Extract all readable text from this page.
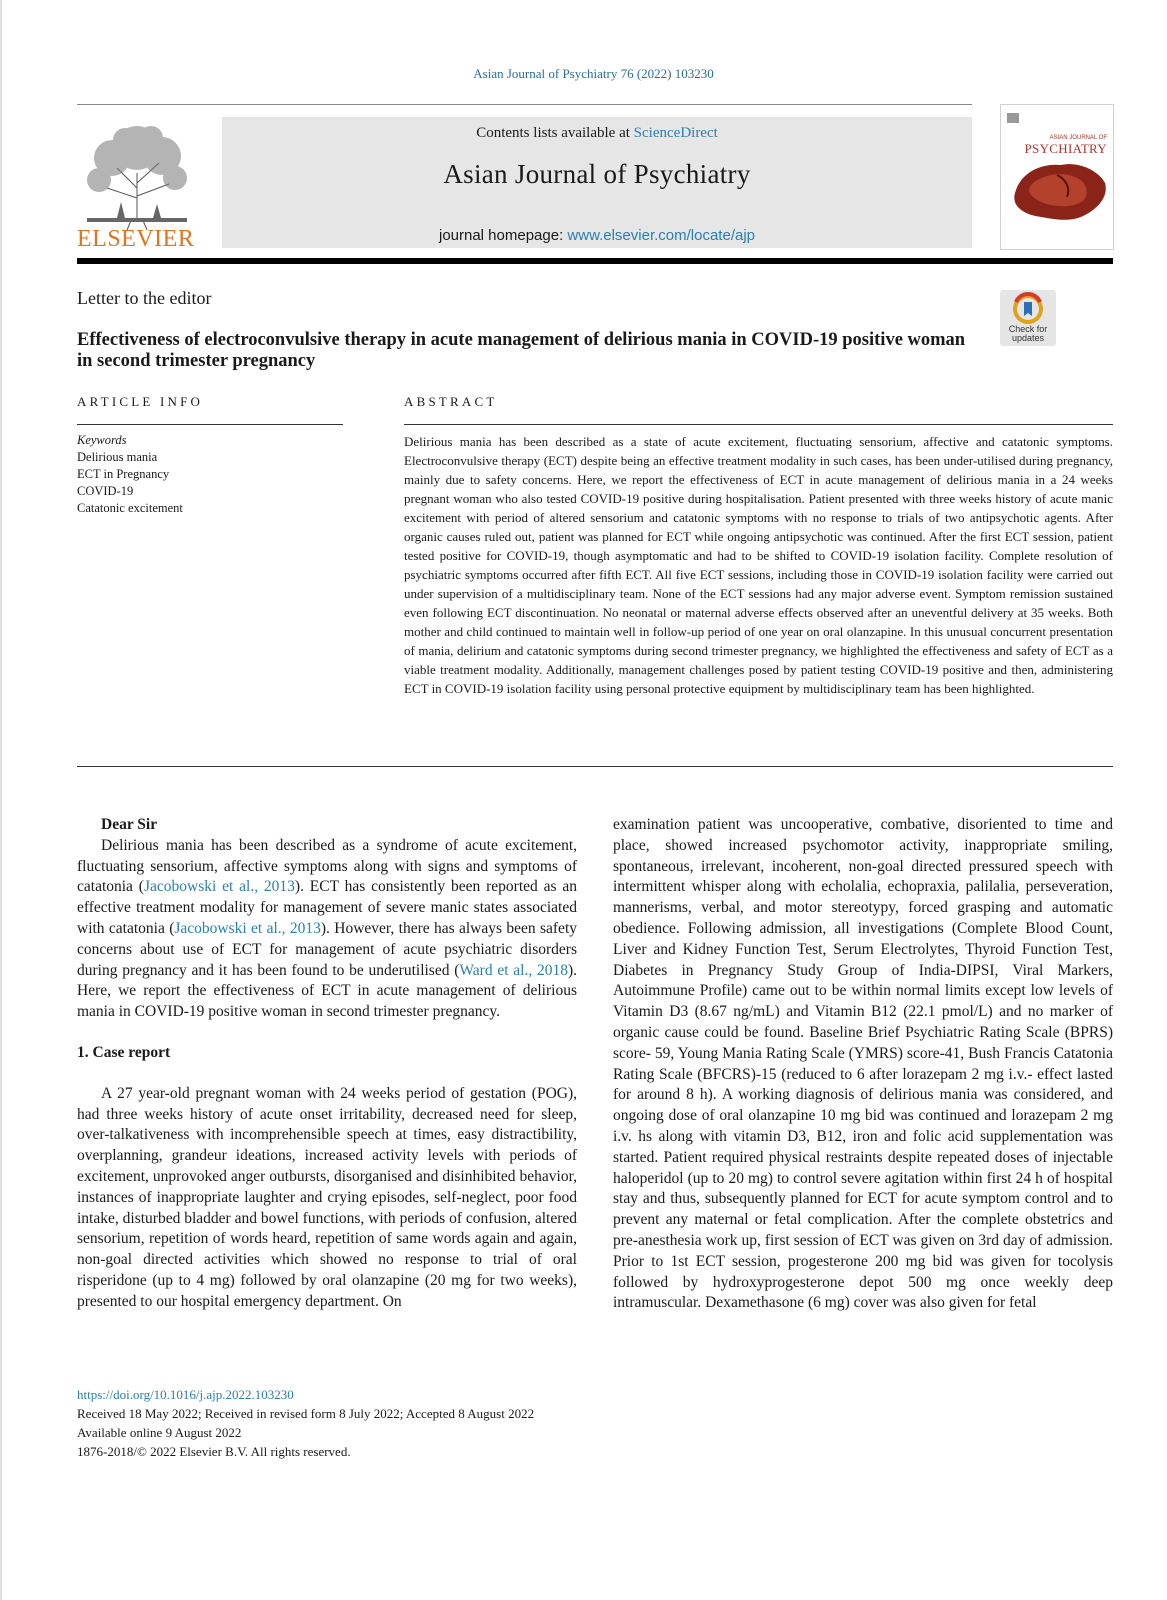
Asian Journal of Psychiatry 76 (2022) 103230
ELSEVIER
Contents lists available at ScienceDirect
Asian Journal of Psychiatry
journal homepage: www.elsevier.com/locate/ajp
ASIAN JOURNAL OF
PSYCHIATRY
Letter to the editor
Check for updates
Effectiveness of electroconvulsive therapy in acute management of delirious mania in COVID-19 positive woman in second trimester pregnancy
ARTICLE INFO	ABSTRACT
Keywords
Delirious mania
ECT in Pregnancy
COVID-19
Catatonic excitement
Delirious mania has been described as a state of acute excitement, fluctuating sensorium, affective and catatonic symptoms. Electroconvulsive therapy (ECT) despite being an effective treatment modality in such cases, has been under-utilised during pregnancy, mainly due to safety concerns. Here, we report the effectiveness of ECT in acute management of delirious mania in a 24 weeks pregnant woman who also tested COVID-19 positive during hospitalisation. Patient presented with three weeks history of acute manic excitement with period of altered sensorium and catatonic symptoms with no response to trials of two antipsychotic agents. After organic causes ruled out, patient was planned for ECT while ongoing antipsychotic was continued. After the first ECT session, patient tested positive for COVID-19, though asymptomatic and had to be shifted to COVID-19 isolation facility. Complete resolution of psychiatric symptoms occurred after fifth ECT. All five ECT sessions, including those in COVID-19 isolation facility were carried out under supervision of a multidisciplinary team. None of the ECT sessions had any major adverse event. Symptom remission sustained even following ECT discontinuation. No neonatal or maternal adverse effects observed after an uneventful delivery at 35 weeks. Both mother and child continued to maintain well in follow-up period of one year on oral olanzapine. In this unusual concurrent presentation of mania, delirium and catatonic symptoms during second trimester pregnancy, we highlighted the effectiveness and safety of ECT as a viable treatment modality. Additionally, management challenges posed by patient testing COVID-19 positive and then, administering ECT in COVID-19 isolation facility using personal protective equipment by multidisciplinary team has been highlighted.
Dear Sir

Delirious mania has been described as a syndrome of acute excitement, fluctuating sensorium, affective symptoms along with signs and symptoms of catatonia (Jacobowski et al., 2013). ECT has consistently been reported as an effective treatment modality for management of severe manic states associated with catatonia (Jacobowski et al., 2013). However, there has always been safety concerns about use of ECT for management of acute psychiatric disorders during pregnancy and it has been found to be underutilised (Ward et al., 2018). Here, we report the effectiveness of ECT in acute management of delirious mania in COVID-19 positive woman in second trimester pregnancy.

1. Case report

A 27 year-old pregnant woman with 24 weeks period of gestation (POG), had three weeks history of acute onset irritability, decreased need for sleep, over-talkativeness with incomprehensible speech at times, easy distractibility, overplanning, grandeur ideations, increased activity levels with periods of excitement, unprovoked anger outbursts, disorganised and disinhibited behavior, instances of inappropriate laughter and crying episodes, self-neglect, poor food intake, disturbed bladder and bowel functions, with periods of confusion, altered sensorium, repetition of words heard, repetition of same words again and again, non-goal directed activities which showed no response to trial of oral risperidone (up to 4 mg) followed by oral olanzapine (20 mg for two weeks), presented to our hospital emergency department. On

examination patient was uncooperative, combative, disoriented to time and place, showed increased psychomotor activity, inappropriate smiling, spontaneous, irrelevant, incoherent, non-goal directed pressured speech with intermittent whisper along with echolalia, echopraxia, palilalia, perseveration, mannerisms, verbal, and motor stereotypy, forced grasping and automatic obedience. Following admission, all investigations (Complete Blood Count, Liver and Kidney Function Test, Serum Electrolytes, Thyroid Function Test, Diabetes in Pregnancy Study Group of India-DIPSI, Viral Markers, Autoimmune Profile) came out to be within normal limits except low levels of Vitamin D3 (8.67 ng/mL) and Vitamin B12 (22.1 pmol/L) and no marker of organic cause could be found. Baseline Brief Psychiatric Rating Scale (BPRS) score- 59, Young Mania Rating Scale (YMRS) score-41, Bush Francis Catatonia Rating Scale (BFCRS)-15 (reduced to 6 after lorazepam 2 mg i.v.- effect lasted for around 8 h). A working diagnosis of delirious mania was considered, and ongoing dose of oral olanzapine 10 mg bid was continued and lorazepam 2 mg i.v. hs along with vitamin D3, B12, iron and folic acid supplementation was started. Patient required physical restraints despite repeated doses of injectable haloperidol (up to 20 mg) to control severe agitation within first 24 h of hospital stay and thus, subsequently planned for ECT for acute symptom control and to prevent any maternal or fetal complication. After the complete obstetrics and pre-anesthesia work up, first session of ECT was given on 3rd day of admission. Prior to 1st ECT session, progesterone 200 mg bid was given for tocolysis followed by hydroxyprogesterone depot 500 mg once weekly deep intramuscular. Dexamethasone (6 mg) cover was also given for fetal

https://doi.org/10.1016/j.ajp.2022.103230
Received 18 May 2022; Received in revised form 8 July 2022; Accepted 8 August 2022
Available online 9 August 2022
1876-2018/© 2022 Elsevier B.V. All rights reserved.
